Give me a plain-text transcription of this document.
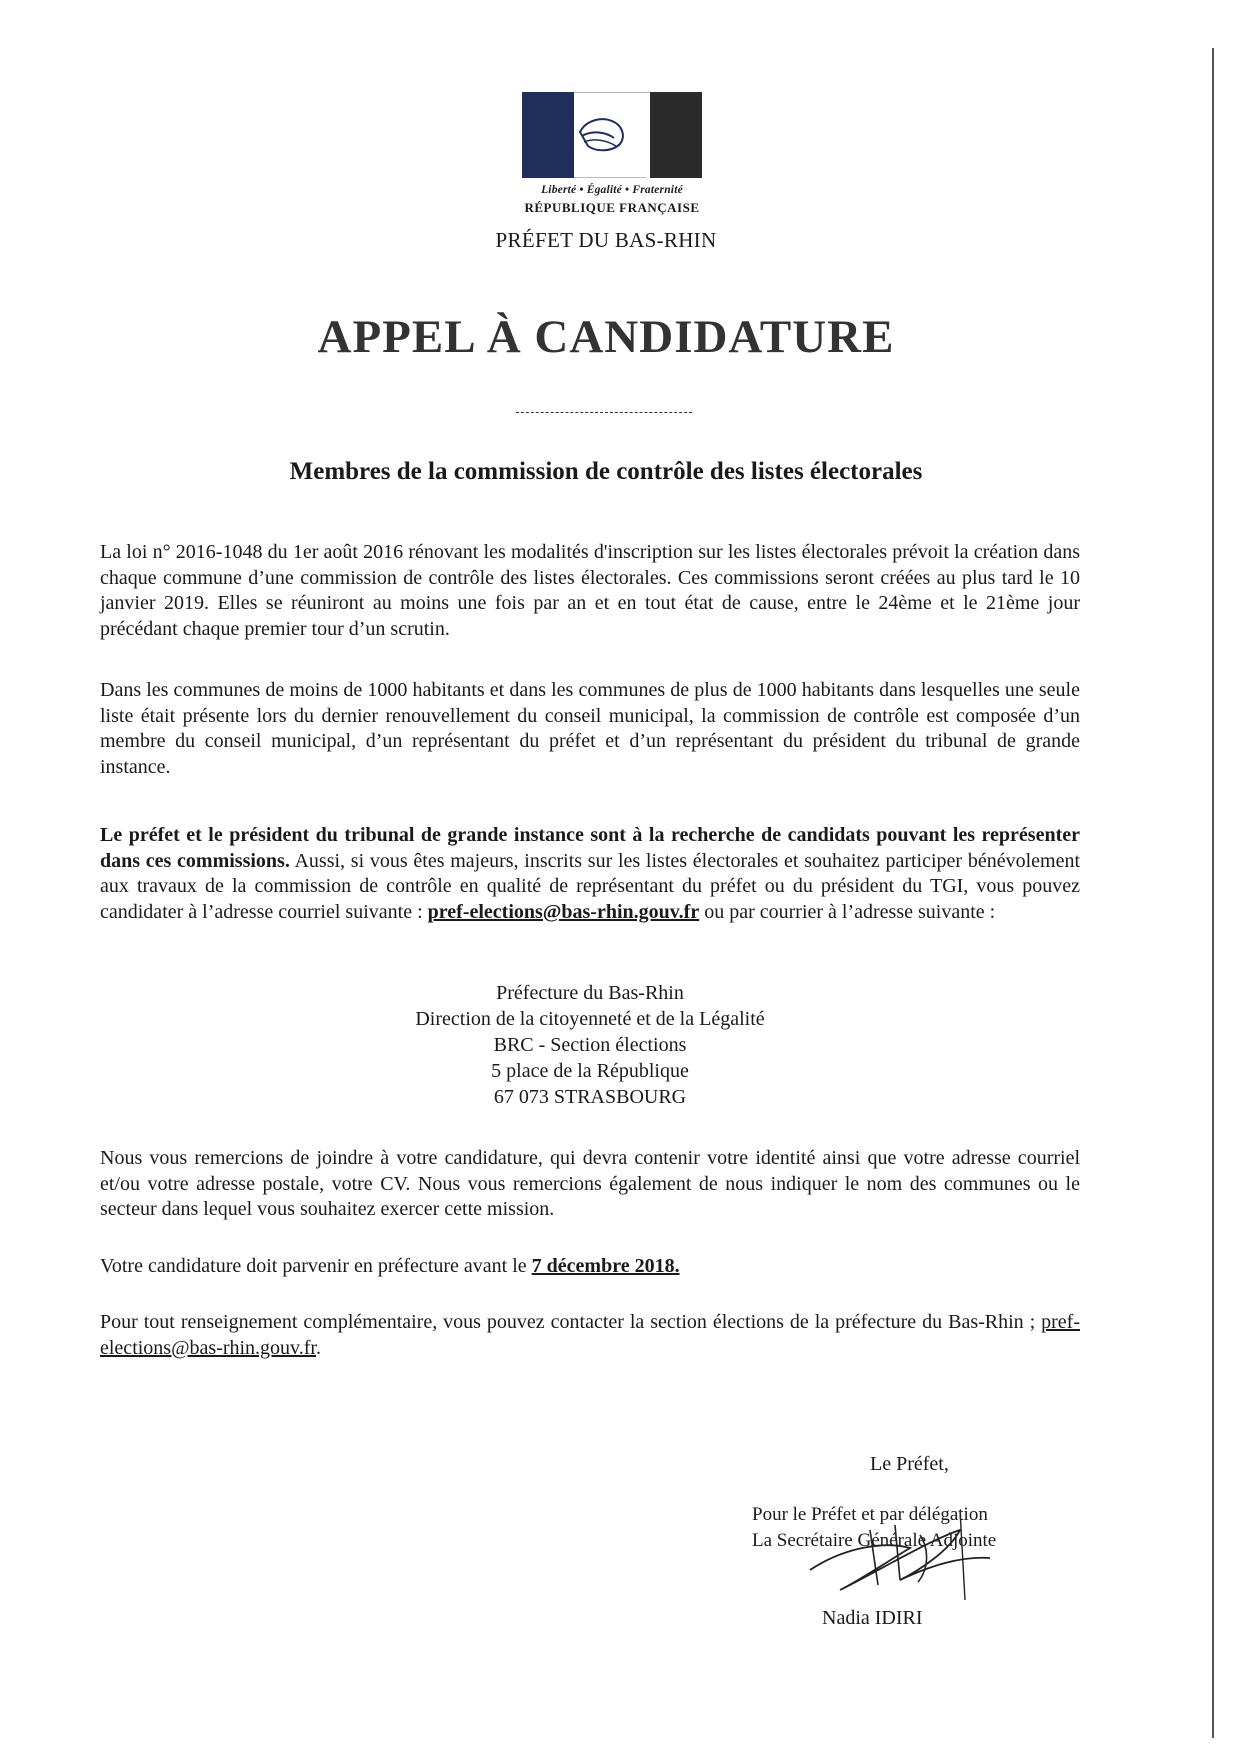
Liberté • Égalité • Fraternité
RÉPUBLIQUE FRANÇAISE
PRÉFET DU BAS-RHIN
APPEL À CANDIDATURE
Membres de la commission de contrôle des listes électorales
La loi n° 2016-1048 du 1er août 2016 rénovant les modalités d'inscription sur les listes électorales prévoit la création dans chaque commune d’une commission de contrôle des listes électorales. Ces commissions seront créées au plus tard le 10 janvier 2019. Elles se réuniront au moins une fois par an et en tout état de cause, entre le 24ème et le 21ème jour précédant chaque premier tour d’un scrutin.
Dans les communes de moins de 1000 habitants et dans les communes de plus de 1000 habitants dans lesquelles une seule liste était présente lors du dernier renouvellement du conseil municipal, la commission de contrôle est composée d’un membre du conseil municipal, d’un représentant du préfet et d’un représentant du président du tribunal de grande instance.
Le préfet et le président du tribunal de grande instance sont à la recherche de candidats pouvant les représenter dans ces commissions. Aussi, si vous êtes majeurs, inscrits sur les listes électorales et souhaitez participer bénévolement aux travaux de la commission de contrôle en qualité de représentant du préfet ou du président du TGI, vous pouvez candidater à l’adresse courriel suivante : pref-elections@bas-rhin.gouv.fr ou par courrier à l’adresse suivante :
Préfecture du Bas-Rhin
Direction de la citoyenneté et de la Légalité
BRC - Section élections
5 place de la République
67 073 STRASBOURG
Nous vous remercions de joindre à votre candidature, qui devra contenir votre identité ainsi que votre adresse courriel et/ou votre adresse postale, votre CV. Nous vous remercions également de nous indiquer le nom des communes ou le secteur dans lequel vous souhaitez exercer cette mission.
Votre candidature doit parvenir en préfecture avant le 7 décembre 2018.
Pour tout renseignement complémentaire, vous pouvez contacter la section élections de la préfecture du Bas-Rhin ; pref-elections@bas-rhin.gouv.fr.
Le Préfet,
Pour le Préfet et par délégation
La Secrétaire Générale Adjointe
Nadia IDIRI
